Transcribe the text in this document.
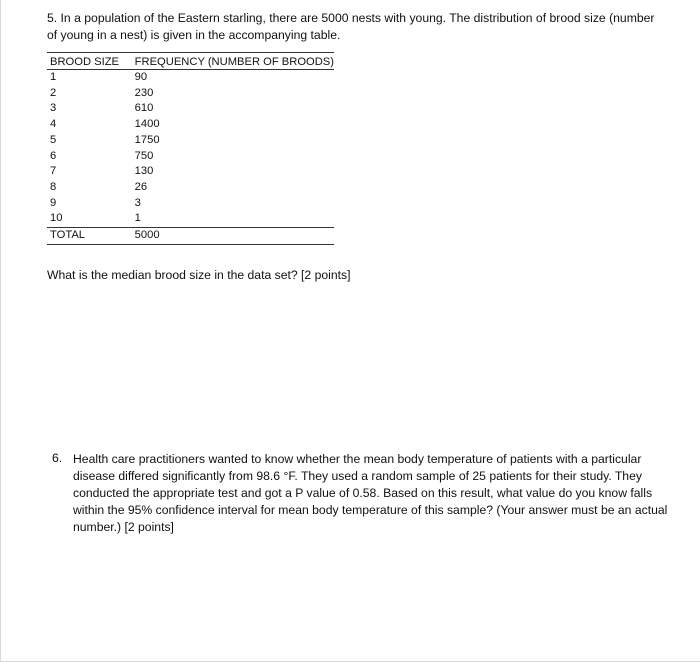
5. In a population of the Eastern starling, there are 5000 nests with young. The distribution of brood size (number of young in a nest) is given in the accompanying table.
BROOD SIZE	FREQUENCY (NUMBER OF BROODS)
1	90
2	230
3	610
4	1400
5	1750
6	750
7	130
8	26
9	3
10	1
TOTAL	5000
What is the median brood size in the data set? [2 points]
6. Health care practitioners wanted to know whether the mean body temperature of patients with a particular disease differed significantly from 98.6 °F. They used a random sample of 25 patients for their study. They conducted the appropriate test and got a P value of 0.58. Based on this result, what value do you know falls within the 95% confidence interval for mean body temperature of this sample? (Your answer must be an actual number.) [2 points]
